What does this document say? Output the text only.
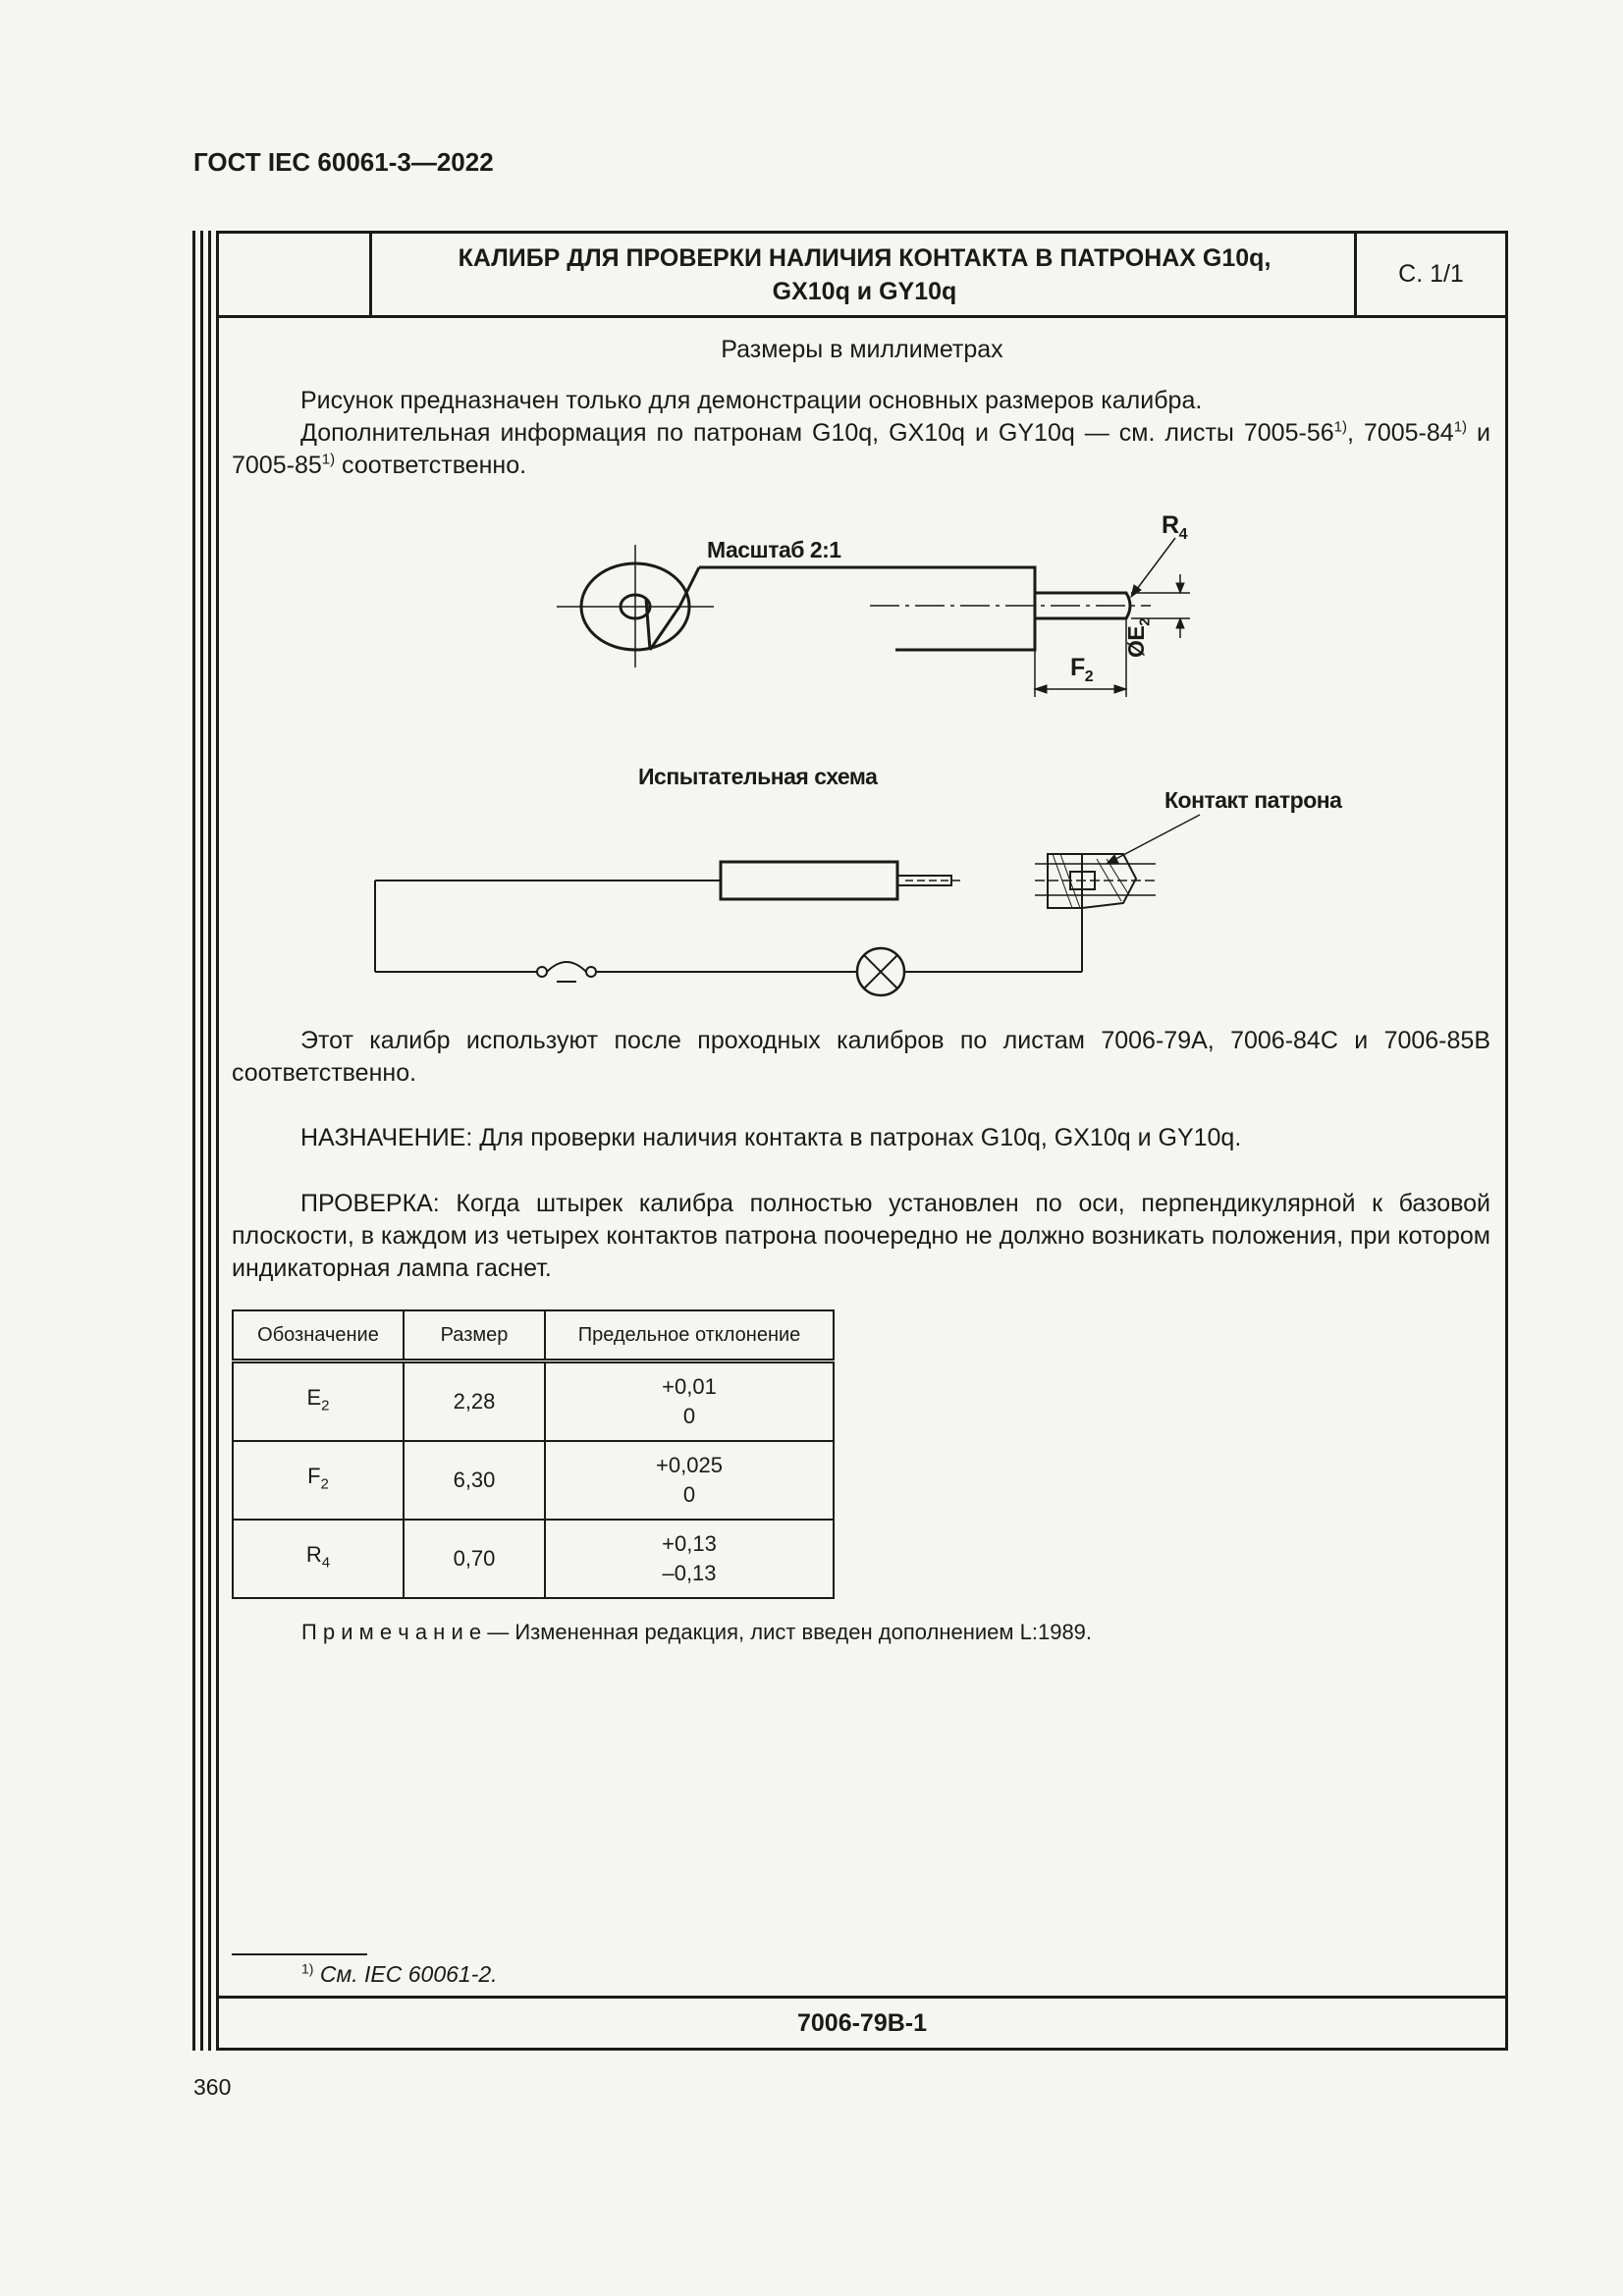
ГОСТ IEC 60061-3—2022
КАЛИБР ДЛЯ ПРОВЕРКИ НАЛИЧИЯ КОНТАКТА В ПАТРОНАХ G10q,
GX10q и GY10q
С. 1/1
7006-79В-1
Размеры в миллиметрах
Рисунок предназначен только для демонстрации основных размеров калибра.
Дополнительная информация по патронам G10q, GX10q и GY10q — см. листы 7005-56$^{1)}$, 7005-84$^{1)}$ и 7005-85$^{1)}$ соответственно.
Масштаб 2:1
$R_4$
$F_2$
$ØE_2$
Испытательная схема
Контакт патрона
Этот калибр используют после проходных калибров по листам 7006-79А, 7006-84С и 7006-85В соответственно.
НАЗНАЧЕНИЕ: Для проверки наличия контакта в патронах G10q, GX10q и GY10q.
ПРОВЕРКА: Когда штырек калибра полностью установлен по оси, перпендикулярной к базовой плоскости, в каждом из четырех контактов патрона поочередно не должно возникать положения, при котором индикаторная лампа гаснет.
Обозначение	Размер	Предельное отклонение
$E_2$	2,28	+0,01
0

$F_2$	6,30	+0,025
0

$R_4$	0,70	+0,13
–0,13
П р и м е ч а н и е — Измененная редакция, лист введен дополнением L:1989.
$^{1)}$ См. IEC 60061-2.
360
